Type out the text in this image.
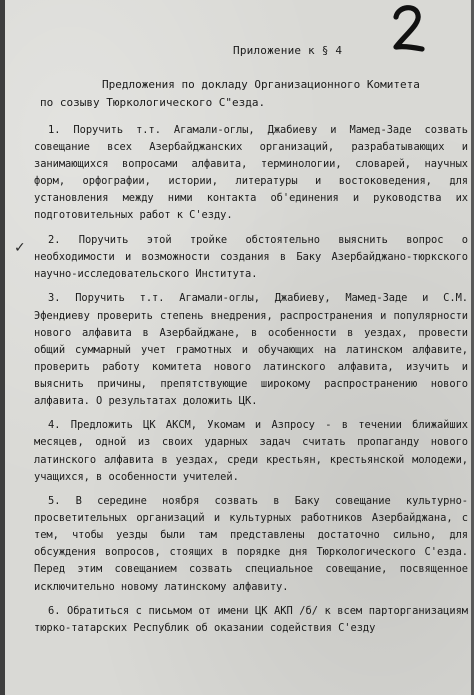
Приложение к § 4
Предложения по докладу Организационного Комитета
по созыву Тюркологического С"езда.
✓

1. Поручить т.т. Агамали-оглы, Джабиеву и Мамед-Заде созвать совещание всех Азербайджанских организаций, разрабатывающих и занимающихся вопросами алфавита, терминологии, словарей, научных форм, орфографии, истории, литературы и востоковедения, для установления между ними контакта об'единения и руководства их подготовительных работ к С'езду.

2. Поручить этой тройке обстоятельно выяснить вопрос о необходимости и возможности создания в Баку Азербайджано-тюркского научно-исследовательского Института.

3. Поручить т.т. Агамали-оглы, Джабиеву, Мамед-Заде и С.М. Эфендиеву проверить степень внедрения, распространения и популярности нового алфавита в Азербайджане, в особенности в уездах, провести общий суммарный учет грамотных и обучающих на латинском алфавите, проверить работу комитета нового латинского алфавита, изучить и выяснить причины, препятствующие широкому распространению нового алфавита. О результатах доложить ЦК.

4. Предложить ЦК АКСМ, Укомам и Азпросу - в течении ближайших месяцев, одной из своих ударных задач считать пропаганду нового латинского алфавита в уездах, среди крестьян, крестьянской молодежи, учащихся, в особенности учителей.

5. В середине ноября созвать в Баку совещание культурно-просветительных организаций и культурных работников Азербайджана, с тем, чтобы уезды были там представлены достаточно сильно, для обсуждения вопросов, стоящих в порядке дня Тюркологического С'езда. Перед этим совещанием созвать специальное совещание, посвященное исключительно новому латинскому алфавиту.

6. Обратиться с письмом от имени ЦК АКП /б/ к всем парторганизациям тюрко-татарских Республик об оказании содействия С'езду
